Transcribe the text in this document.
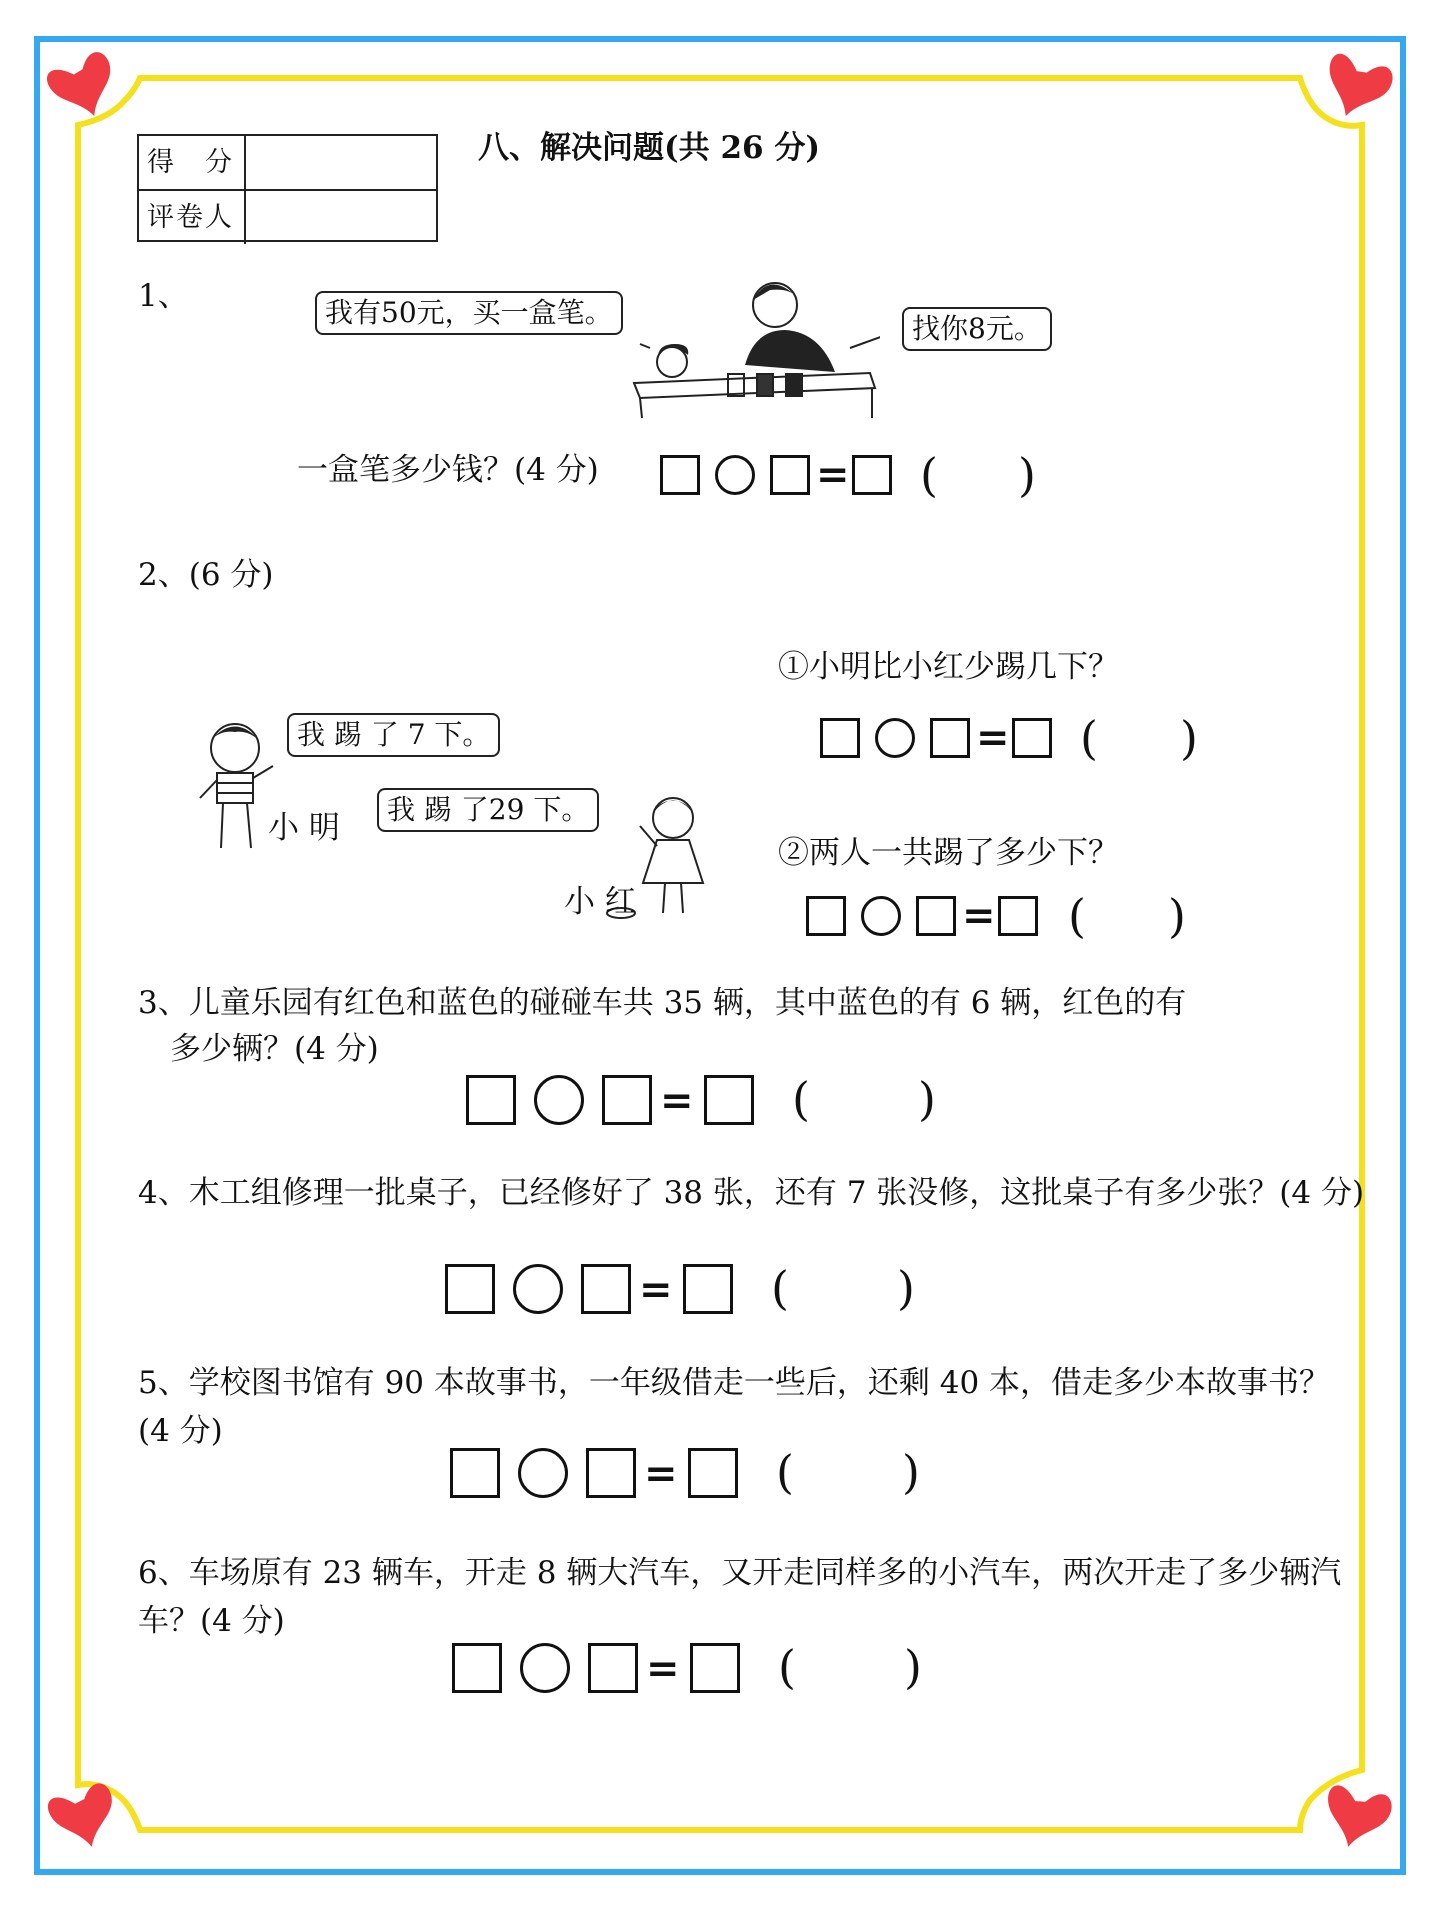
得　分
评卷人
八、解决问题(共 26 分)
1、	我有50元，买一盒笔。	找你8元。
一盒笔多少钱？(4 分)	= ( )
2、(6 分)
我 踢 了 7 下。
我 踢 了29 下。
小 明
小 红
①小明比小红少踢几下？
= ( )
②两人一共踢了多少下？
= ( )
3、儿童乐园有红色和蓝色的碰碰车共 35 辆，其中蓝色的有 6 辆，红色的有
多少辆？(4 分)
= ( )
4、木工组修理一批桌子，已经修好了 38 张，还有 7 张没修，这批桌子有多少张？(4 分)
= ( )
5、学校图书馆有 90 本故事书，一年级借走一些后，还剩 40 本，借走多少本故事书？
(4 分)
= ( )
6、车场原有 23 辆车，开走 8 辆大汽车，又开走同样多的小汽车，两次开走了多少辆汽
车？(4 分)
= ( )
